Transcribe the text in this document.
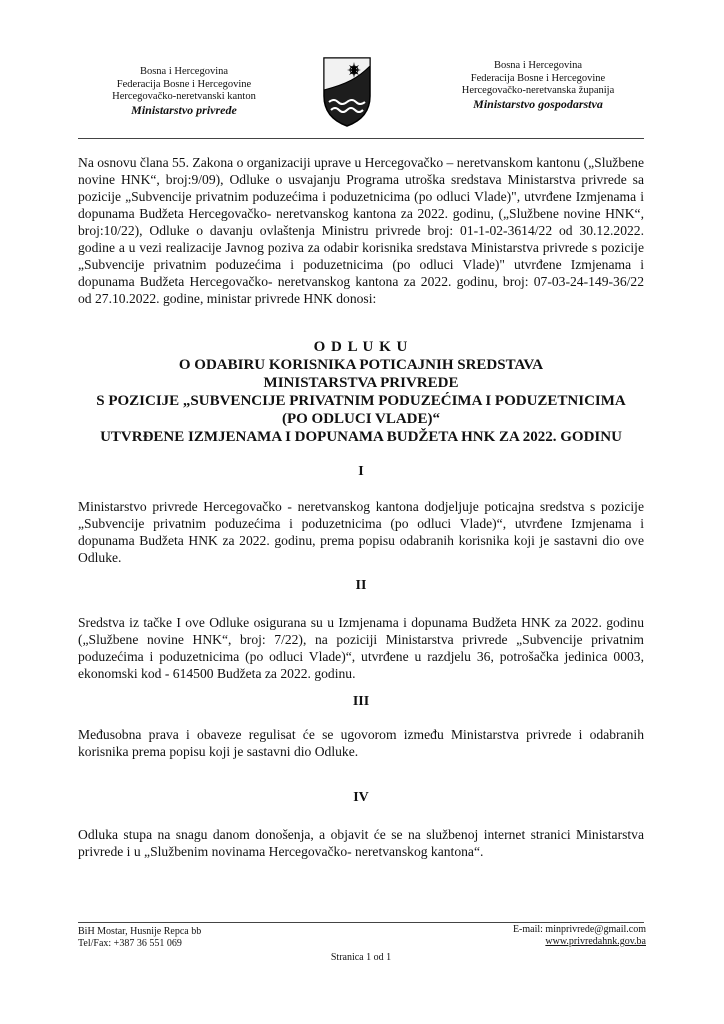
Bosna i Hercegovina
Federacija Bosne i Hercegovine
Hercegovačko-neretvanski kanton
Ministarstvo privrede
Bosna i Hercegovina
Federacija Bosne i Hercegovine
Hercegovačko-neretvanska županija
Ministarstvo gospodarstva
Na osnovu člana 55. Zakona o organizaciji uprave u Hercegovačko – neretvanskom kantonu („Službene novine HNK“, broj:9/09), Odluke o usvajanju Programa utroška sredstava Ministarstva privrede sa pozicije „Subvencije privatnim poduzećima i poduzetnicima (po odluci Vlade)", utvrđene Izmjenama i dopunama Budžeta Hercegovačko- neretvanskog kantona za 2022. godinu, („Službene novine HNK“, broj:10/22), Odluke o davanju ovlaštenja Ministru privrede broj: 01-1-02-3614/22 od 30.12.2022. godine a u vezi realizacije Javnog poziva za odabir korisnika sredstava Ministarstva privrede s pozicije „Subvencije privatnim poduzećima i poduzetnicima (po odluci Vlade)" utvrđene Izmjenama i dopunama Budžeta Hercegovačko- neretvanskog kantona za 2022. godinu, broj: 07-03-24-149-36/22 od 27.10.2022. godine, ministar privrede HNK donosi:
O D L U K U
O ODABIRU KORISNIKA POTICAJNIH SREDSTAVA
MINISTARSTVA PRIVREDE
S POZICIJE „SUBVENCIJE PRIVATNIM PODUZEĆIMA I PODUZETNICIMA
(PO ODLUCI VLADE)“
UTVRĐENE IZMJENAMA I DOPUNAMA BUDŽETA HNK ZA 2022. GODINU
I
Ministarstvo privrede Hercegovačko - neretvanskog kantona dodjeljuje poticajna sredstva s pozicije „Subvencije privatnim poduzećima i poduzetnicima (po odluci Vlade)“, utvrđene Izmjenama i dopunama Budžeta HNK za 2022. godinu, prema popisu odabranih korisnika koji je sastavni dio ove Odluke.
II
Sredstva iz tačke I ove Odluke osigurana su u Izmjenama i dopunama Budžeta HNK za 2022. godinu („Službene novine HNK“, broj: 7/22), na poziciji Ministarstva privrede „Subvencije privatnim poduzećima i poduzetnicima (po odluci Vlade)“, utvrđene u razdjelu 36, potrošačka jedinica 0003, ekonomski kod - 614500 Budžeta za 2022. godinu.
III
Međusobna prava i obaveze regulisat će se ugovorom između Ministarstva privrede i odabranih korisnika prema popisu koji je sastavni dio Odluke.
IV
Odluka stupa na snagu danom donošenja, a objavit će se na službenoj internet stranici Ministarstva privrede i u „Službenim novinama Hercegovačko- neretvanskog kantona“.
BiH Mostar, Husnije Repca bb
Tel/Fax: +387 36 551 069
E-mail: minprivrede@gmail.com
www.privredahnk.gov.ba
Stranica 1 od 1
